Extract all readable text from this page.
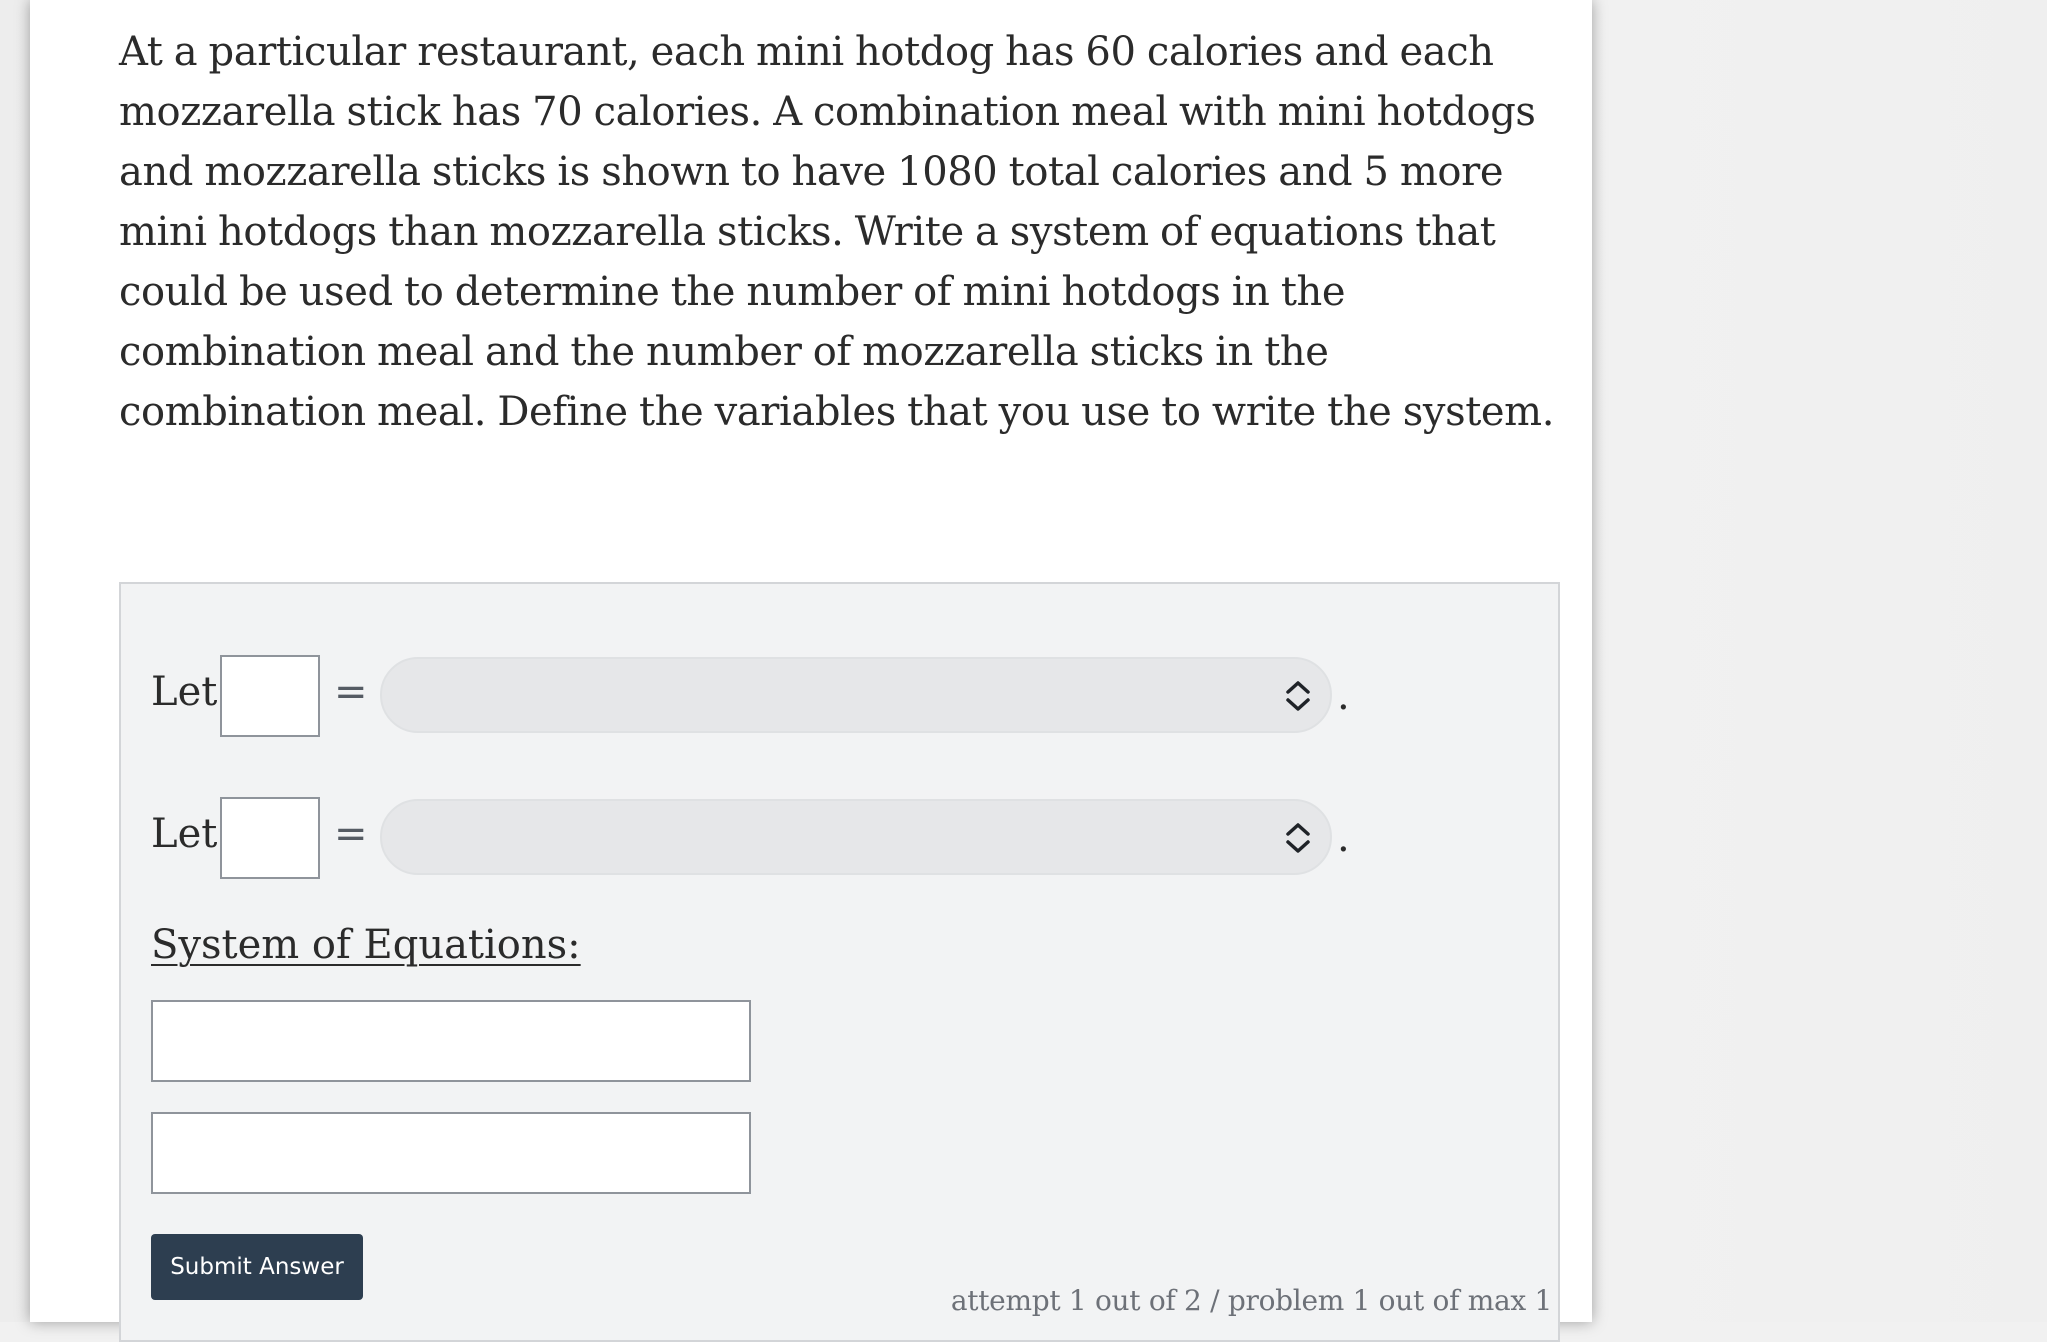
At a particular restaurant, each mini hotdog has 60 calories and each mozzarella stick has 70 calories. A combination meal with mini hotdogs and mozzarella sticks is shown to have 1080 total calories and 5 more mini hotdogs than mozzarella sticks. Write a system of equations that could be used to determine the number of mini hotdogs in the combination meal and the number of mozzarella sticks in the combination meal. Define the variables that you use to write the system.

Let	=	.
Let	=	.
System of Equations:
Submit Answer
attempt 1 out of 2 / problem 1 out of max 1
